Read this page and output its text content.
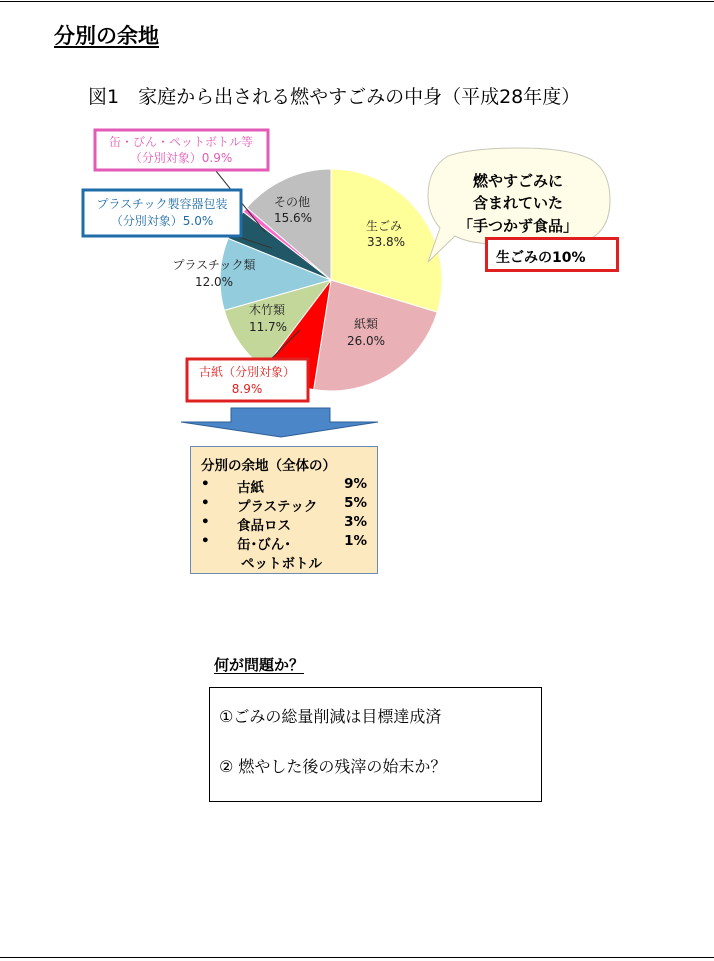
分別の余地
図1　家庭から出される燃やすごみの中身（平成28年度）
生ごみ
33.8%
紙類
26.0%
木竹類
11.7%
プラスチック類
12.0%
その他
15.6%
缶・びん・ペットボトル等
（分別対象）0.9%
プラスチック製容器包装
（分別対象）5.0%
古紙（分別対象）
8.9%
燃やすごみに
含まれていた
「手つかず食品」
生ごみの10%
分別の余地（全体の）
• 古紙	9%
• プラステック 5%
• 食品ロス	3%
• 缶･びん･	1%
ペットボトル
何が問題か？
①ごみの総量削減は目標達成済
② 燃やした後の残滓の始末か？
